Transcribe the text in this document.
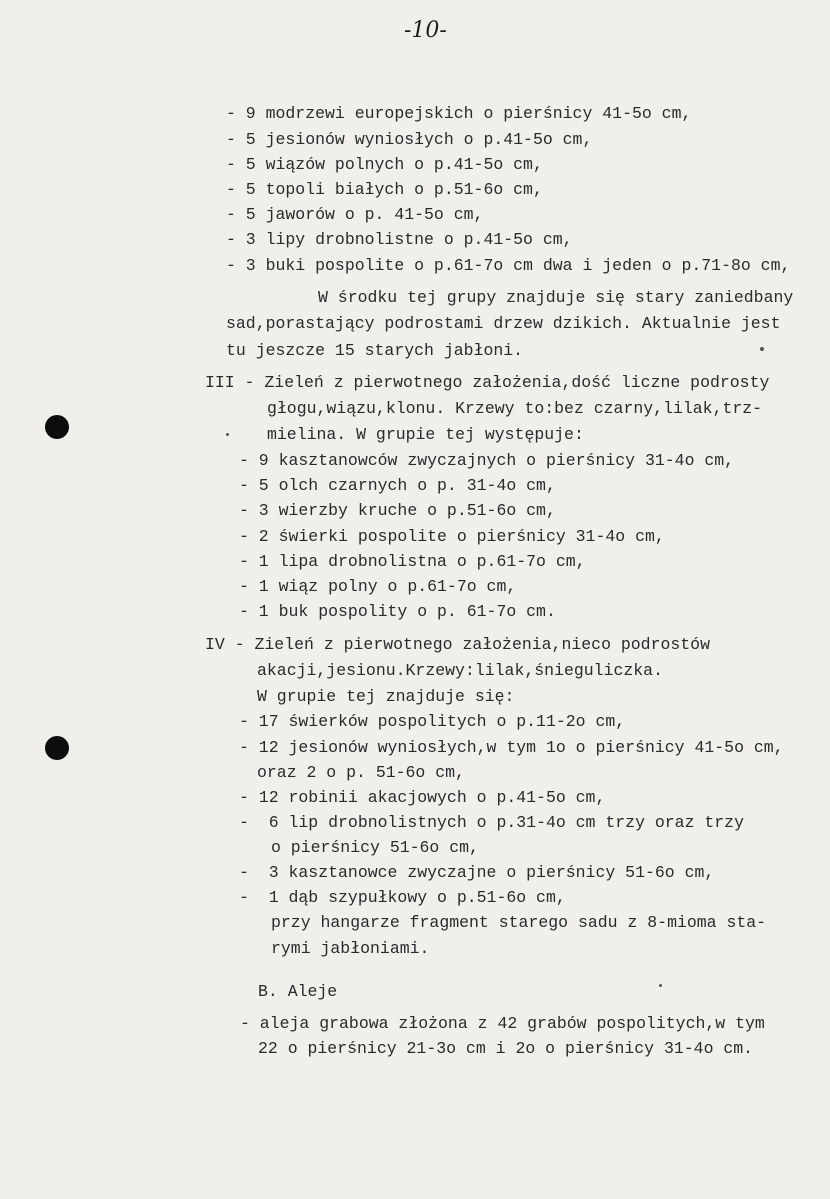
-10-
- 9 modrzewi europejskich o pierśnicy 41-5o cm,
- 5 jesionów wyniosłych o p.41-5o cm,
- 5 wiązów polnych o p.41-5o cm,
- 5 topoli białych o p.51-6o cm,
- 5 jaworów o p. 41-5o cm,
- 3 lipy drobnolistne o p.41-5o cm,
- 3 buki pospolite o p.61-7o cm dwa i jeden o p.71-8o cm,
W środku tej grupy znajduje się stary zaniedbany
sad,porastający podrostami drzew dzikich. Aktualnie jest
tu jeszcze 15 starych jabłoni.
III - Zieleń z pierwotnego założenia,dość liczne podrosty
głogu,wiązu,klonu. Krzewy to:bez czarny,lilak,trz-
mielina. W grupie tej występuje:
- 9 kasztanowców zwyczajnych o pierśnicy 31-4o cm,
- 5 olch czarnych o p. 31-4o cm,
- 3 wierzby kruche o p.51-6o cm,
- 2 świerki pospolite o pierśnicy 31-4o cm,
- 1 lipa drobnolistna o p.61-7o cm,
- 1 wiąz polny o p.61-7o cm,
- 1 buk pospolity o p. 61-7o cm.
IV - Zieleń z pierwotnego założenia,nieco podrostów
akacji,jesionu.Krzewy:lilak,śnieguliczka.
W grupie tej znajduje się:
- 17 świerków pospolitych o p.11-2o cm,
- 12 jesionów wyniosłych,w tym 1o o pierśnicy 41-5o cm,
oraz 2 o p. 51-6o cm,
- 12 robinii akacjowych o p.41-5o cm,
-  6 lip drobnolistnych o p.31-4o cm trzy oraz trzy
o pierśnicy 51-6o cm,
-  3 kasztanowce zwyczajne o pierśnicy 51-6o cm,
-  1 dąb szypułkowy o p.51-6o cm,
przy hangarze fragment starego sadu z 8-mioma sta-
rymi jabłoniami.
B. Aleje
- aleja grabowa złożona z 42 grabów pospolitych,w tym
22 o pierśnicy 21-3o cm i 2o o pierśnicy 31-4o cm.
